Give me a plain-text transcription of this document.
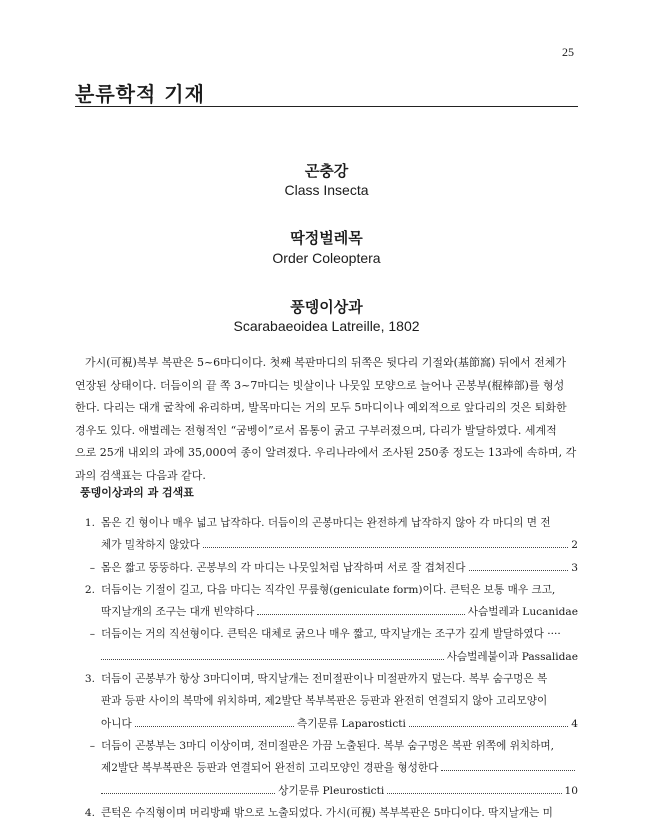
25
분류학적 기재
곤충강
Class Insecta
딱정벌레목
Order Coleoptera
풍뎅이상과
Scarabaeoidea Latreille, 1802

가시(可視)복부 복판은 5~6마디이다. 첫째 복판마디의 뒤쪽은 뒷다리 기절와(基節窩) 뒤에서 전체가

연장된 상태이다. 더듬이의 끝 쪽 3~7마디는 빗살이나 나뭇잎 모양으로 늘어나 곤봉부(棍棒部)를 형성

한다. 다리는 대개 굴착에 유리하며, 발목마디는 거의 모두 5마디이나 예외적으로 앞다리의 것은 퇴화한

경우도 있다. 애벌레는 전형적인 “굼벵이”로서 몸통이 굵고 구부러졌으며, 다리가 발달하였다. 세계적

으로 25개 내외의 과에 35,000여 종이 알려졌다. 우리나라에서 조사된 250종 정도는 13과에 속하며, 각

과의 검색표는 다음과 같다.

풍뎅이상과의 과 검색표
1. 몸은 긴 형이나 매우 넓고 납작하다. 더듬이의 곤봉마디는 완전하게 납작하지 않아 각 마디의 면 전
체가 밀착하지 않았다	2
– 몸은 짧고 뚱뚱하다. 곤봉부의 각 마디는 나뭇잎처럼 납작하며 서로 잘 겹쳐진다	3
2. 더듬이는 기절이 길고, 다음 마디는 직각인 무릎형(geniculate form)이다. 큰턱은 보통 매우 크고,
딱지날개의 조구는 대개 빈약하다	사슴벌레과 Lucanidae
– 더듬이는 거의 직선형이다. 큰턱은 대체로 굵으나 매우 짧고, 딱지날개는 조구가 깊게 발달하였다 ····
사슴벌레붙이과 Passalidae
3. 더듬이 곤봉부가 항상 3마디이며, 딱지날개는 전미절판이나 미절판까지 덮는다. 복부 숨구멍은 복
판과 등판 사이의 복막에 위치하며, 제2발단 복부복판은 등판과 완전히 연결되지 않아 고리모양이
아니다	측기문류 Laparosticti	4
– 더듬이 곤봉부는 3마디 이상이며, 전미절판은 가끔 노출된다. 복부 숨구멍은 복판 위쪽에 위치하며,
제2발단 복부복판은 등판과 연결되어 완전히 고리모양인 경판을 형성한다
상기문류 Pleurosticti	10
4. 큰턱은 수직형이며 머리방패 밖으로 노출되었다. 가시(可視) 복부복판은 5마디이다. 딱지날개는 미
